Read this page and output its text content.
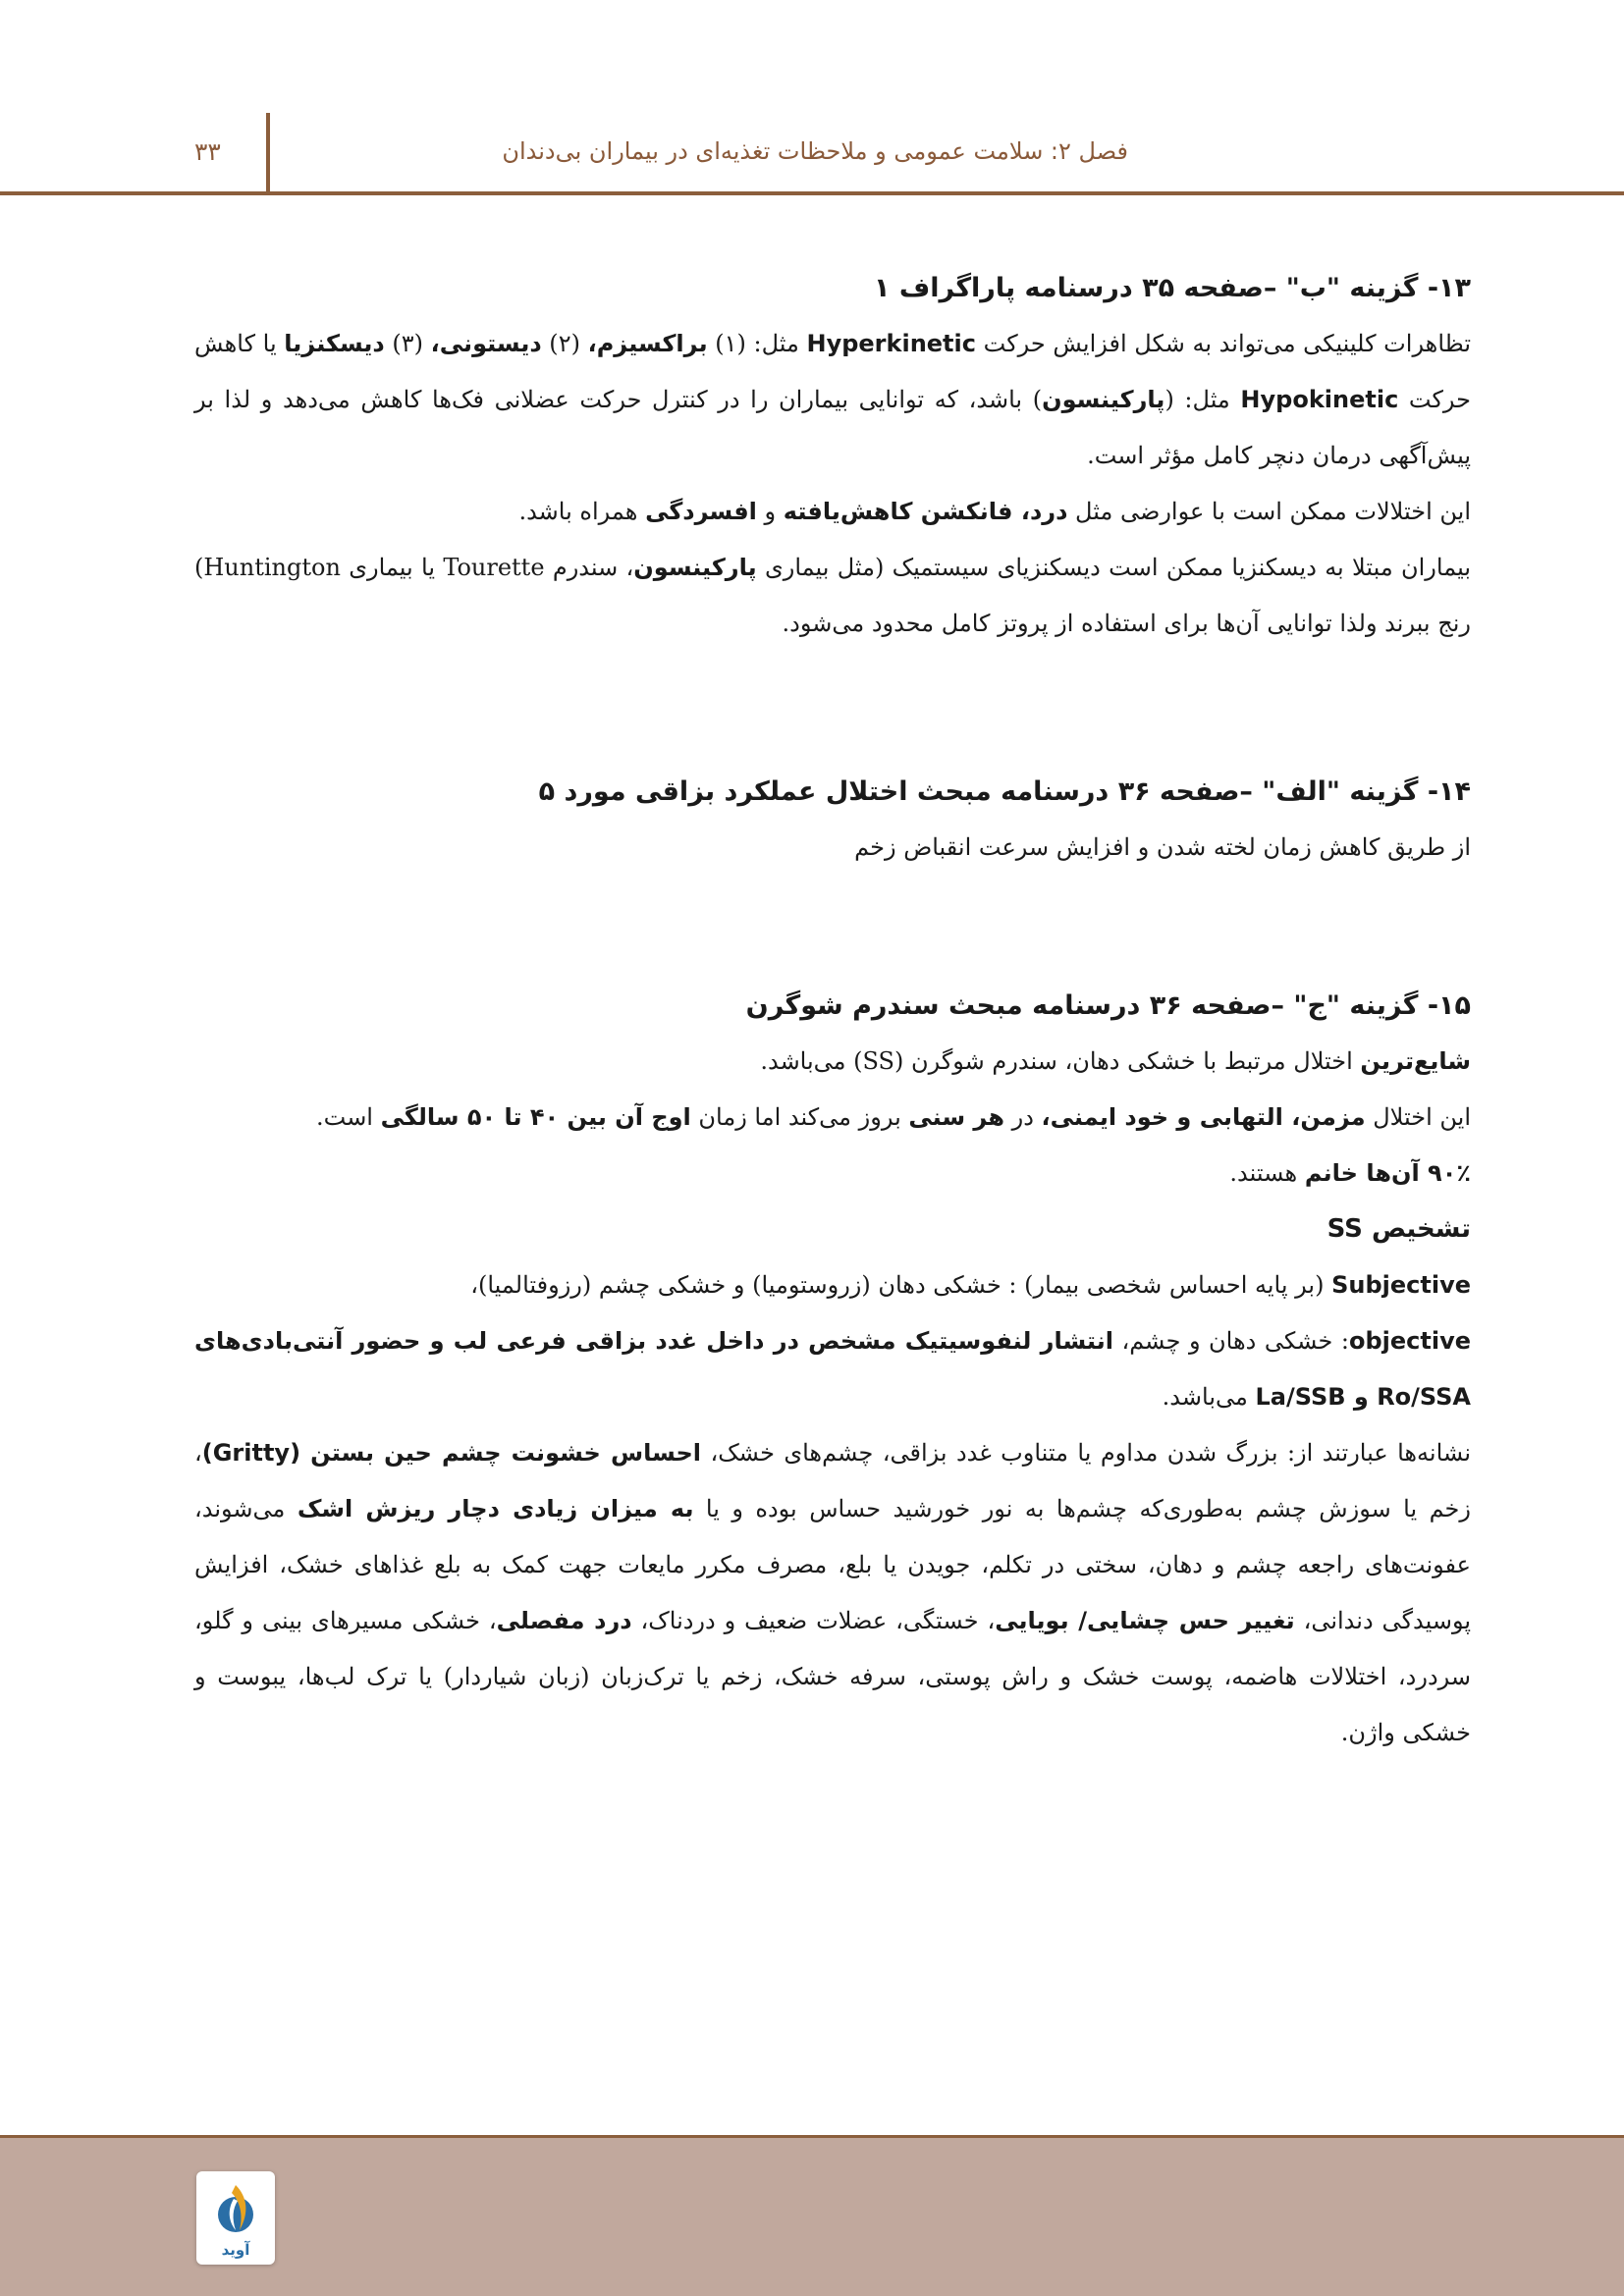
فصل ۲: سلامت عمومی و ملاحظات تغذیه‌ای در بیماران بی‌دندان
۳۳

۱۳- گزینه "ب" –صفحه ۳۵ درسنامه پاراگراف ۱

تظاهرات کلینیکی می‌تواند به شکل افزایش حرکت Hyperkinetic مثل: (۱) براکسیزم، (۲) دیستونی، (۳) دیسکنزیا یا کاهش حرکت Hypokinetic مثل: (پارکینسون) باشد، که توانایی بیماران را در کنترل حرکت عضلانی فک‌ها کاهش می‌دهد و لذا بر پیش‌آگهی درمان دنچر کامل مؤثر است.

این اختلالات ممکن است با عوارضی مثل درد، فانکشن کاهش‌یافته و افسردگی همراه باشد.

بیماران مبتلا به دیسکنزیا ممکن است دیسکنزیای سیستمیک (مثل بیماری پارکینسون، سندرم Tourette یا بیماری Huntington) رنج ببرند ولذا توانایی آن‌ها برای استفاده از پروتز کامل محدود می‌شود.

۱۴- گزینه "الف" –صفحه ۳۶ درسنامه مبحث اختلال عملکرد بزاقی مورد ۵

از طریق کاهش زمان لخته شدن و افزایش سرعت انقباض زخم

۱۵- گزینه "ج" –صفحه ۳۶ درسنامه مبحث سندرم شوگرن

شایع‌ترین اختلال مرتبط با خشکی دهان، سندرم شوگرن (SS) می‌باشد.

این اختلال مزمن، التهابی و خود ایمنی، در هر سنی بروز می‌کند اما زمان اوج آن بین ۴۰ تا ۵۰ سالگی است.

۹۰٪ آن‌ها خانم هستند.

تشخیص SS

Subjective (بر پایه احساس شخصی بیمار) : خشکی دهان (زروستومیا) و خشکی چشم (رزوفتالمیا)،

objective: خشکی دهان و چشم، انتشار لنفوسیتیک مشخص در داخل غدد بزاقی فرعی لب و حضور آنتی‌بادی‌های Ro/SSA و La/SSB می‌باشد.

نشانه‌ها عبارتند از: بزرگ شدن مداوم یا متناوب غدد بزاقی، چشم‌های خشک، احساس خشونت چشم حین بستن (Gritty)، زخم یا سوزش چشم به‌طوری‌که چشم‌ها به نور خورشید حساس بوده و یا به میزان زیادی دچار ریزش اشک می‌شوند، عفونت‌های راجعه چشم و دهان، سختی در تکلم، جویدن یا بلع، مصرف مکرر مایعات جهت کمک به بلع غذاهای خشک، افزایش پوسیدگی دندانی، تغییر حس چشایی/ بویایی، خستگی، عضلات ضعیف و دردناک، درد مفصلی، خشکی مسیرهای بینی و گلو، سردرد، اختلالات هاضمه، پوست خشک و راش پوستی، سرفه خشک، زخم یا ترک‌زبان (زبان شیاردار) یا ترک لب‌ها، یبوست و خشکی واژن.

آوید
